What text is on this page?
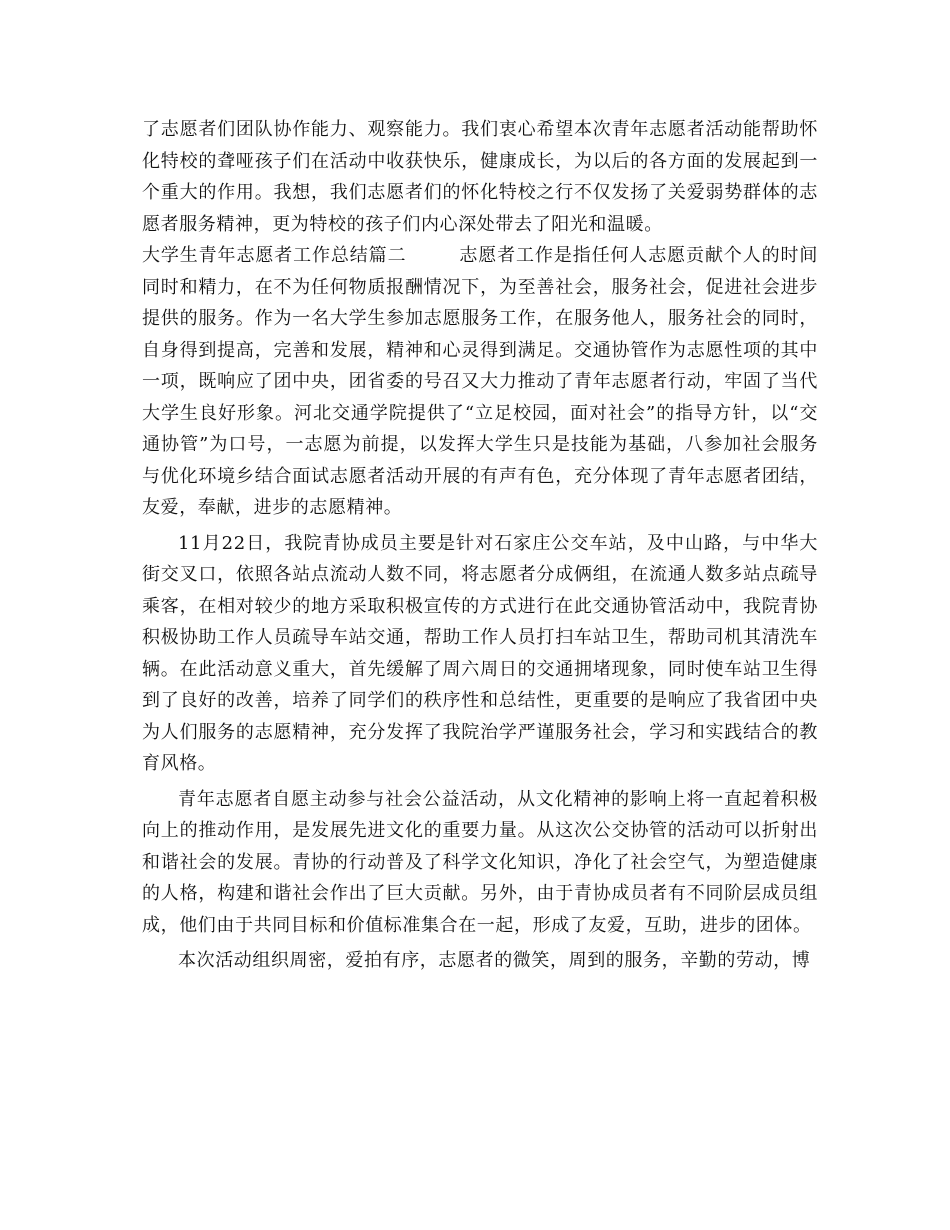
了志愿者们团队协作能力、观察能力。我们衷心希望本次青年志愿者活动能帮助怀化特校的聋哑孩子们在活动中收获快乐，健康成长，为以后的各方面的发展起到一个重大的作用。我想，我们志愿者们的怀化特校之行不仅发扬了关爱弱势群体的志愿者服务精神，更为特校的孩子们内心深处带去了阳光和温暖。

大学生青年志愿者工作总结篇二	志愿者工作是指任何人志愿贡献个人的时间同时和精力，在不为任何物质报酬情况下，为至善社会，服务社会，促进社会进步提供的服务。作为一名大学生参加志愿服务工作，在服务他人，服务社会的同时，自身得到提高，完善和发展，精神和心灵得到满足。交通协管作为志愿性项的其中一项，既响应了团中央，团省委的号召又大力推动了青年志愿者行动，牢固了当代大学生良好形象。河北交通学院提供了“立足校园，面对社会”的指导方针，以“交通协管”为口号，一志愿为前提，以发挥大学生只是技能为基础，八参加社会服务与优化环境乡结合面试志愿者活动开展的有声有色，充分体现了青年志愿者团结，友爱，奉献，进步的志愿精神。

11月22日，我院青协成员主要是针对石家庄公交车站，及中山路，与中华大街交叉口，依照各站点流动人数不同，将志愿者分成俩组，在流通人数多站点疏导乘客，在相对较少的地方采取积极宣传的方式进行在此交通协管活动中，我院青协积极协助工作人员疏导车站交通，帮助工作人员打扫车站卫生，帮助司机其清洗车辆。在此活动意义重大，首先缓解了周六周日的交通拥堵现象，同时使车站卫生得到了良好的改善，培养了同学们的秩序性和总结性，更重要的是响应了我省团中央为人们服务的志愿精神，充分发挥了我院治学严谨服务社会，学习和实践结合的教育风格。

青年志愿者自愿主动参与社会公益活动，从文化精神的影响上将一直起着积极向上的推动作用，是发展先进文化的重要力量。从这次公交协管的活动可以折射出和谐社会的发展。青协的行动普及了科学文化知识，净化了社会空气，为塑造健康的人格，构建和谐社会作出了巨大贡献。另外，由于青协成员者有不同阶层成员组成，他们由于共同目标和价值标准集合在一起，形成了友爱，互助，进步的团体。

本次活动组织周密，爱拍有序，志愿者的微笑，周到的服务，辛勤的劳动，博
